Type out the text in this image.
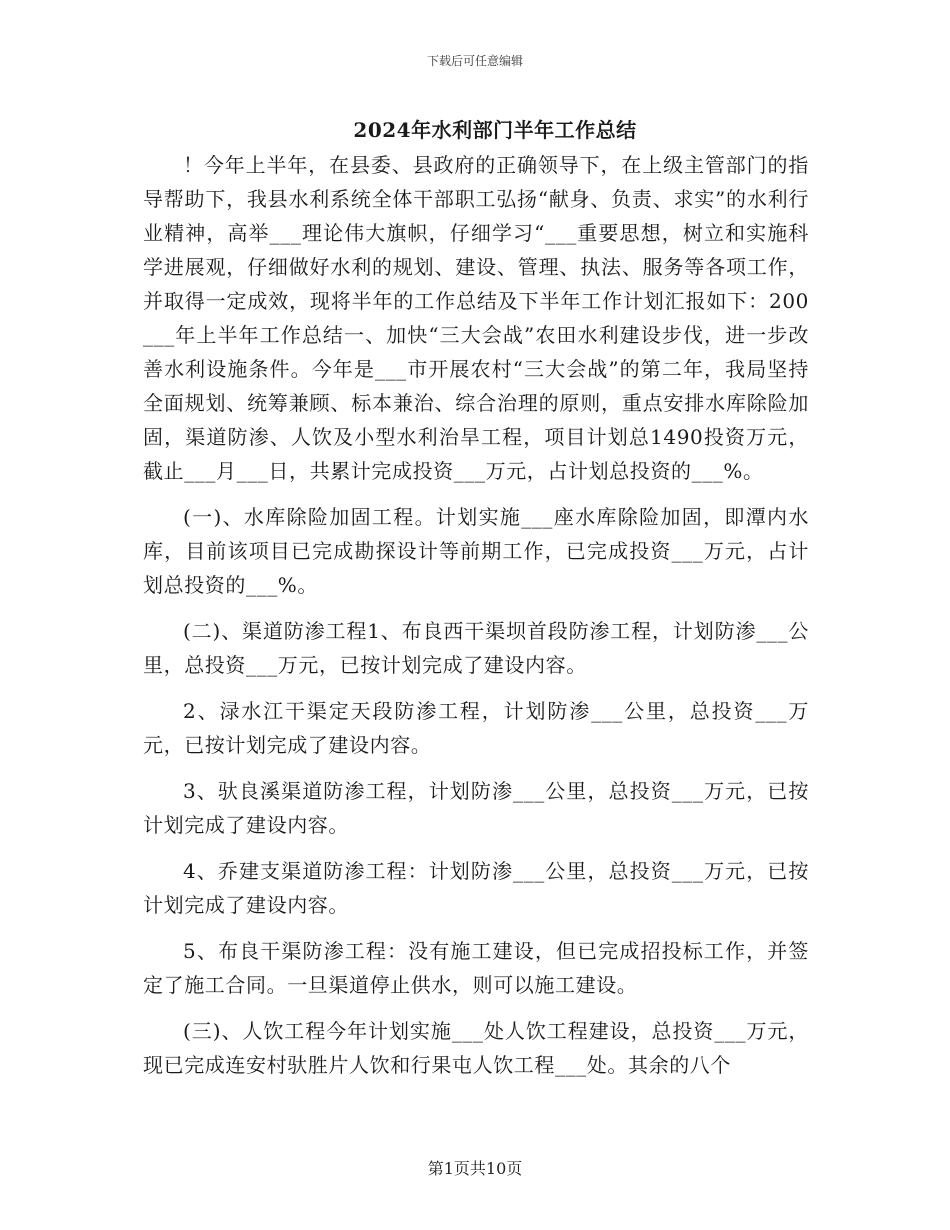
下载后可任意编辑
2024年水利部门半年工作总结

！今年上半年，在县委、县政府的正确领导下，在上级主管部门的指导帮助下，我县水利系统全体干部职工弘扬“献身、负责、求实”的水利行业精神，高举___理论伟大旗帜，仔细学习“___重要思想，树立和实施科学进展观，仔细做好水利的规划、建设、管理、执法、服务等各项工作，并取得一定成效，现将半年的工作总结及下半年工作计划汇报如下：200___年上半年工作总结一、加快“三大会战”农田水利建设步伐，进一步改善水利设施条件。今年是___市开展农村“三大会战”的第二年，我局坚持全面规划、统筹兼顾、标本兼治、综合治理的原则，重点安排水库除险加固，渠道防渗、人饮及小型水利治旱工程，项目计划总1490投资万元，截止___月___日，共累计完成投资___万元，占计划总投资的___%。

(一)、水库除险加固工程。计划实施___座水库除险加固，即潭内水库，目前该项目已完成勘探设计等前期工作，已完成投资___万元，占计划总投资的___%。

(二)、渠道防渗工程1、布良西干渠坝首段防渗工程，计划防渗___公里，总投资___万元，已按计划完成了建设内容。

2、渌水江干渠定天段防渗工程，计划防渗___公里，总投资___万元，已按计划完成了建设内容。

3、驮良溪渠道防渗工程，计划防渗___公里，总投资___万元，已按计划完成了建设内容。

4、乔建支渠道防渗工程：计划防渗___公里，总投资___万元，已按计划完成了建设内容。

5、布良干渠防渗工程：没有施工建设，但已完成招投标工作，并签定了施工合同。一旦渠道停止供水，则可以施工建设。

(三)、人饮工程今年计划实施___处人饮工程建设，总投资___万元，现已完成连安村驮胜片人饮和行果屯人饮工程___处。其余的八个

第1页共10页
